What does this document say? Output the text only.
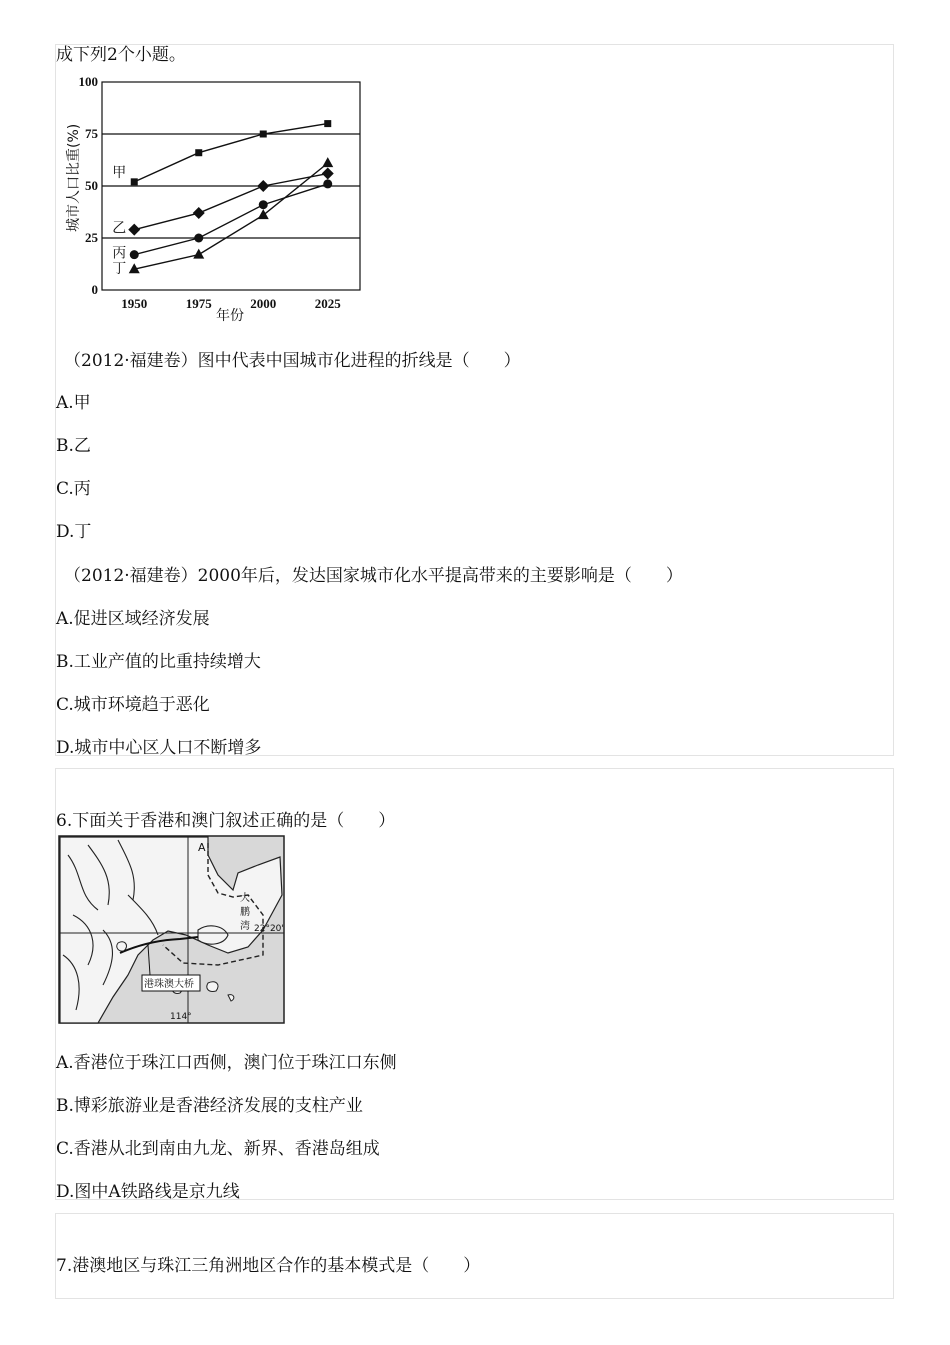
成下列2个小题。
0
25
50
75
100
1950	1975	2000	2025
甲
乙
丙
丁
城市人口比重(%)
年份
（2012·福建卷）图中代表中国城市化进程的折线是（　　）
A.甲
B.乙
C.丙
D.丁
（2012·福建卷）2000年后，发达国家城市化水平提高带来的主要影响是（　　）
A.促进区域经济发展
B.工业产值的比重持续增大
C.城市环境趋于恶化
D.城市中心区人口不断增多
6.下面关于香港和澳门叙述正确的是（　　）
港珠澳大桥
大
鹏
湾 22°20'
114°
A
A.香港位于珠江口西侧，澳门位于珠江口东侧
B.博彩旅游业是香港经济发展的支柱产业
C.香港从北到南由九龙、新界、香港岛组成
D.图中A铁路线是京九线
7.港澳地区与珠江三角洲地区合作的基本模式是（　　）
